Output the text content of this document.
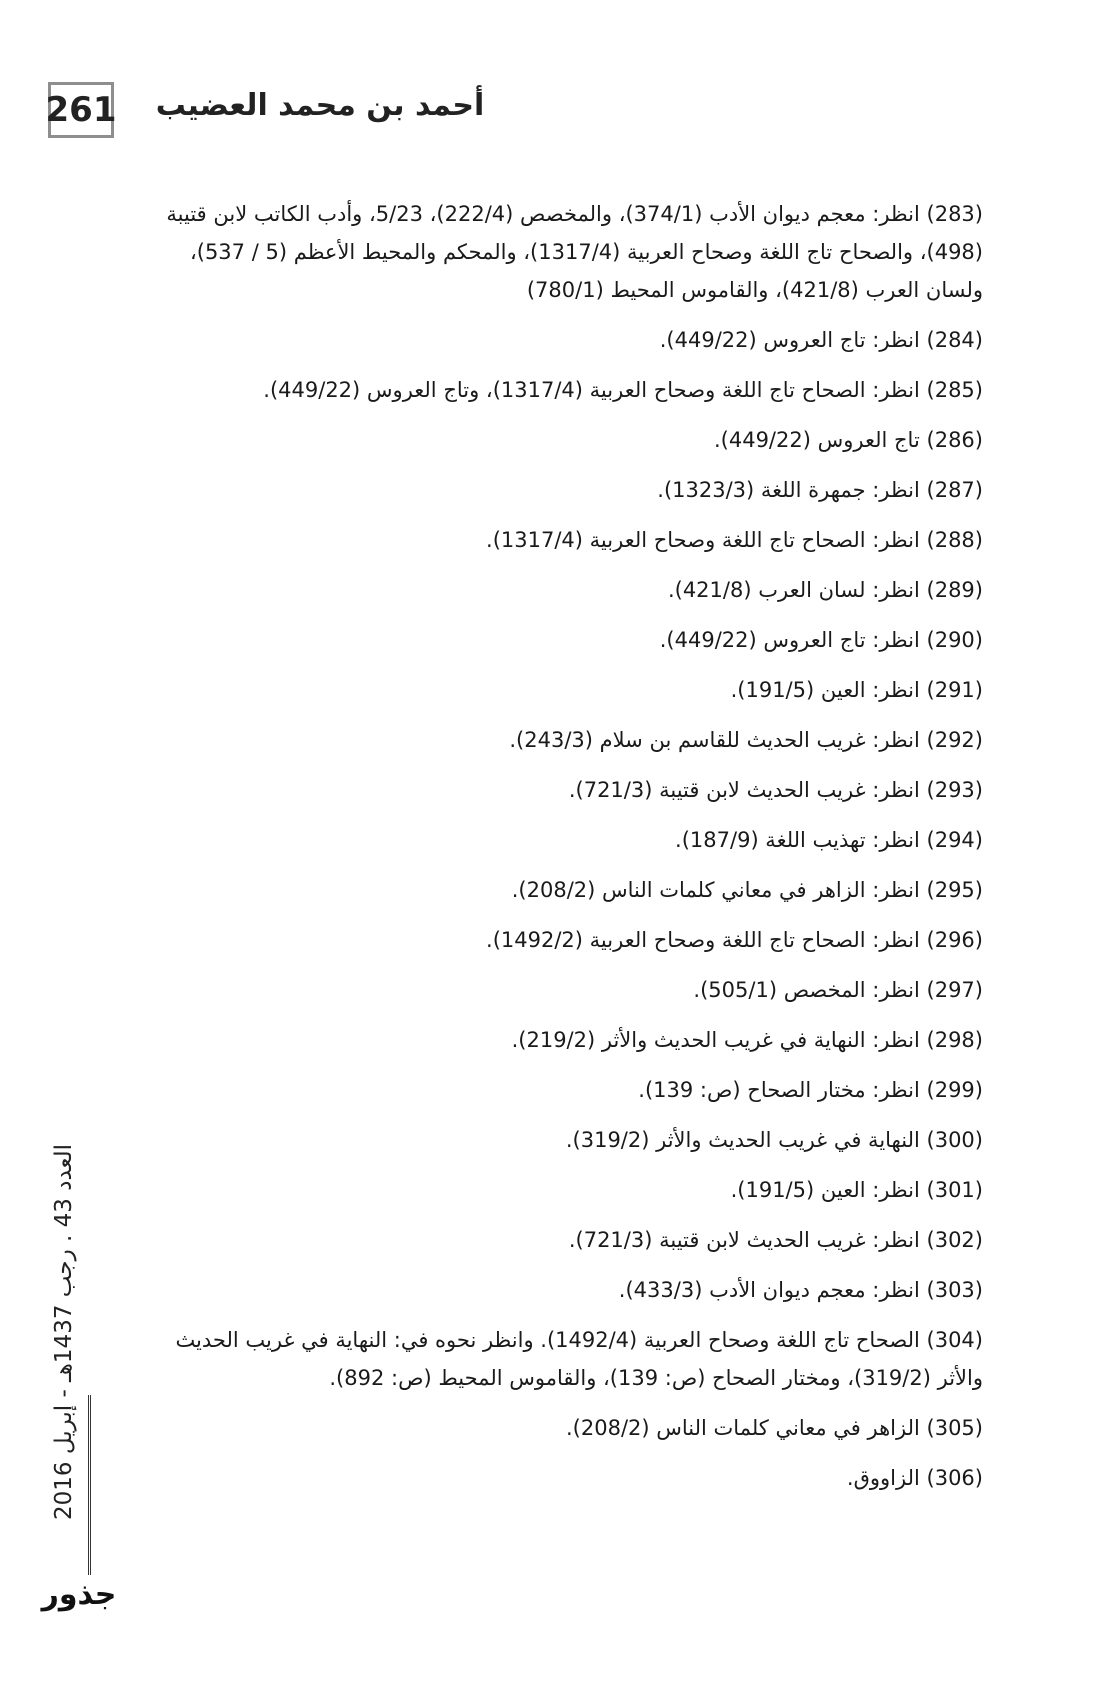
261 أحمد بن محمد العضيب
(283) انظر: معجم ديوان الأدب (374/1)، والمخصص (222/4)، 5/23، وأدب الكاتب لابن قتيبة (498)، والصحاح تاج اللغة وصحاح العربية (1317/4)، والمحكم والمحيط الأعظم (5 / 537)، ولسان العرب (421/8)، والقاموس المحيط (780/1)
(284) انظر: تاج العروس (449/22).
(285) انظر: الصحاح تاج اللغة وصحاح العربية (1317/4)، وتاج العروس (449/22).
(286) تاج العروس (449/22).
(287) انظر: جمهرة اللغة (1323/3).
(288) انظر: الصحاح تاج اللغة وصحاح العربية (1317/4).
(289) انظر: لسان العرب (421/8).
(290) انظر: تاج العروس (449/22).
(291) انظر: العين (191/5).
(292) انظر: غريب الحديث للقاسم بن سلام (243/3).
(293) انظر: غريب الحديث لابن قتيبة (721/3).
(294) انظر: تهذيب اللغة (187/9).
(295) انظر: الزاهر في معاني كلمات الناس (208/2).
(296) انظر: الصحاح تاج اللغة وصحاح العربية (1492/2).
(297) انظر: المخصص (505/1).
(298) انظر: النهاية في غريب الحديث والأثر (219/2).
(299) انظر: مختار الصحاح (ص: 139).
(300) النهاية في غريب الحديث والأثر (319/2).
(301) انظر: العين (191/5).
(302) انظر: غريب الحديث لابن قتيبة (721/3).
(303) انظر: معجم ديوان الأدب (433/3).
(304) الصحاح تاج اللغة وصحاح العربية (1492/4). وانظر نحوه في: النهاية في غريب الحديث والأثر (319/2)، ومختار الصحاح (ص: 139)، والقاموس المحيط (ص: 892).
(305) الزاهر في معاني كلمات الناس (208/2).
(306) الزاووق.
العدد 43 . رجب 1437هـ - إبريل 2016
جذور
